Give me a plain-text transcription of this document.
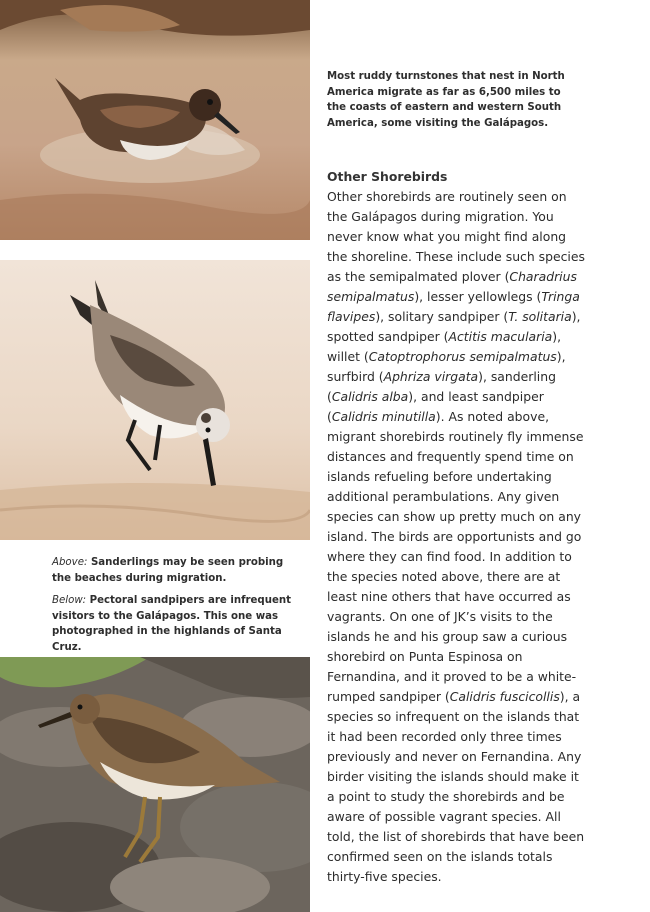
Most ruddy turnstones that nest in North America migrate as far as 6,500 miles to the coasts of eastern and western South America, some visiting the Galápagos.
Above: Sanderlings may be seen probing the beaches during migration.
Below: Pectoral sandpipers are infrequent visitors to the Galápagos. This one was photographed in the highlands of Santa Cruz.
Other Shorebirds

Other shorebirds are routinely seen on the Galápagos during migration. You never know what you might find along the shoreline. These include such species as the semipalmated plover (Charadrius semipalmatus), lesser yellowlegs (Tringa flavipes), solitary sandpiper (T. solitaria), spotted sandpiper (Actitis macularia), willet (Catoptrophorus semipalmatus), surfbird (Aphriza virgata), sanderling (Calidris alba), and least sandpiper (Calidris minutilla). As noted above, migrant shorebirds routinely fly immense distances and frequently spend time on islands refueling before undertaking additional perambulations. Any given species can show up pretty much on any island. The birds are opportunists and go where they can find food. In addition to the species noted above, there are at least nine others that have occurred as vagrants. On one of JK’s visits to the islands he and his group saw a curious shorebird on Punta Espinosa on Fernandina, and it proved to be a white-rumped sandpiper (Calidris fuscicollis), a species so infrequent on the islands that it had been recorded only three times previously and never on Fernandina. Any birder visiting the islands should make it a point to study the shorebirds and be aware of possible vagrant species. All told, the list of shorebirds that have been confirmed seen on the islands totals thirty-five species.
